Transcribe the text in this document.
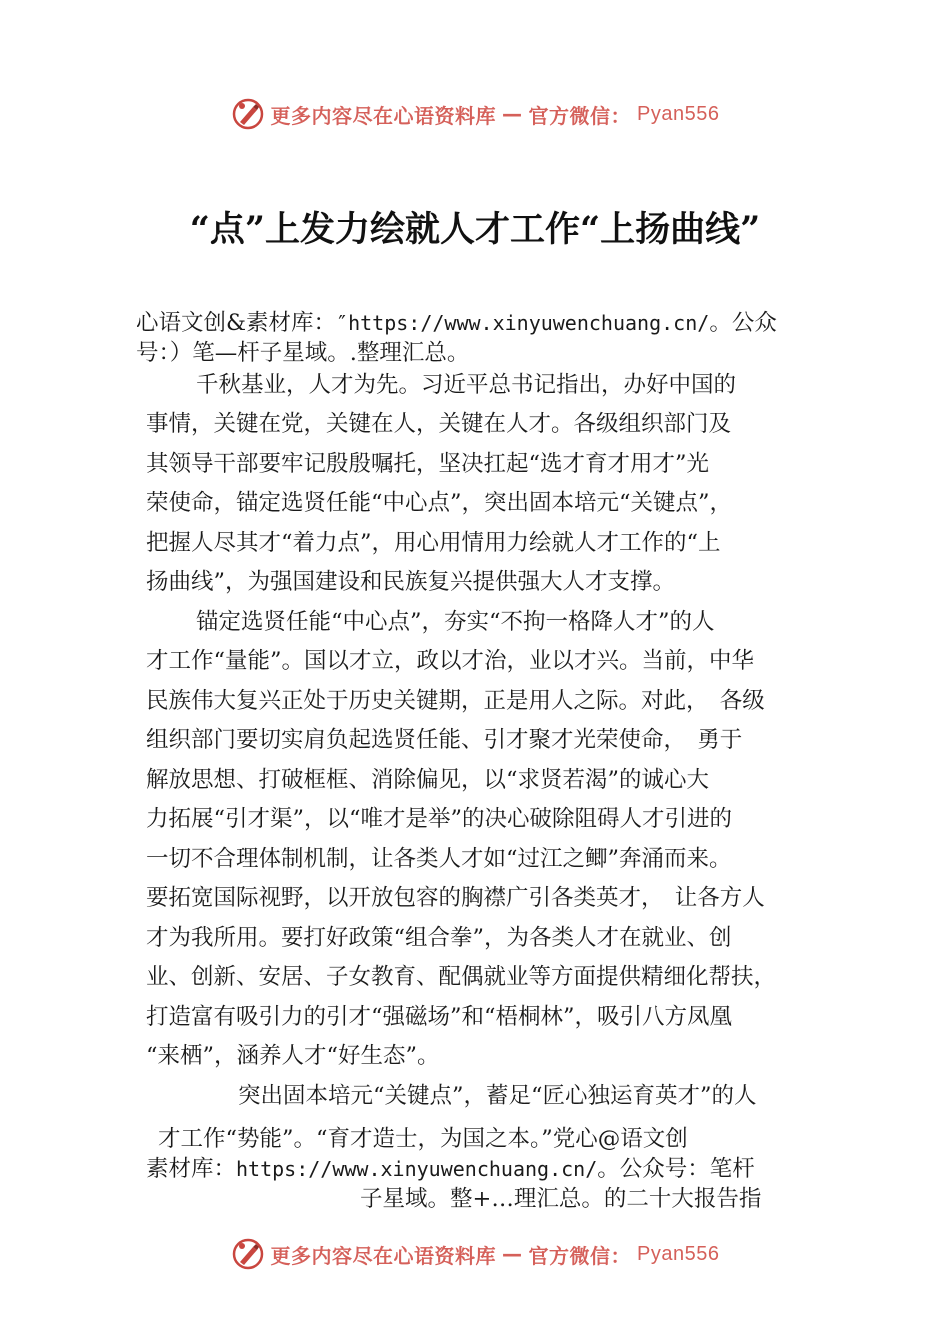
更多内容尽在心语资料库 — 官方微信： Pyan556
“点”上发力绘就人才工作“上扬曲线”
心语文创&素材库：″https://www.xinyuwenchuang.cn/。公众
号：）笔—杆子星域。.整理汇总。
千秋基业，人才为先。习近平总书记指出，办好中国的
事情，关键在党，关键在人，关键在人才。各级组织部门及
其领导干部要牢记殷殷嘱托，坚决扛起“选才育才用才”光
荣使命，锚定选贤任能“中心点”，突出固本培元“关键点”，
把握人尽其才“着力点”，用心用情用力绘就人才工作的“上
扬曲线”，为强国建设和民族复兴提供强大人才支撑。
锚定选贤任能“中心点”，夯实“不拘一格降人才”的人
才工作“量能”。国以才立，政以才治，业以才兴。当前，中华
民族伟大复兴正处于历史关键期，正是用人之际。对此，　各级
组织部门要切实肩负起选贤任能、引才聚才光荣使命，　勇于
解放思想、打破框框、消除偏见，以“求贤若渴”的诚心大
力拓展“引才渠”，以“唯才是举”的决心破除阻碍人才引进的
一切不合理体制机制，让各类人才如“过江之鲫”奔涌而来。
要拓宽国际视野，以开放包容的胸襟广引各类英才，　让各方人
才为我所用。要打好政策“组合拳”，为各类人才在就业、创
业、创新、安居、子女教育、配偶就业等方面提供精细化帮扶，
打造富有吸引力的引才“强磁场”和“梧桐林”，吸引八方凤凰
“来栖”，涵养人才“好生态”。
突出固本培元“关键点”，蓄足“匠心独运育英才”的人
才工作“势能”。“育才造士，为国之本。”党心@语文创
素材库：https://www.xinyuwenchuang.cn/。公众号：笔杆
子星域。整+…理汇总。的二十大报告指
更多内容尽在心语资料库 — 官方微信： Pyan556
